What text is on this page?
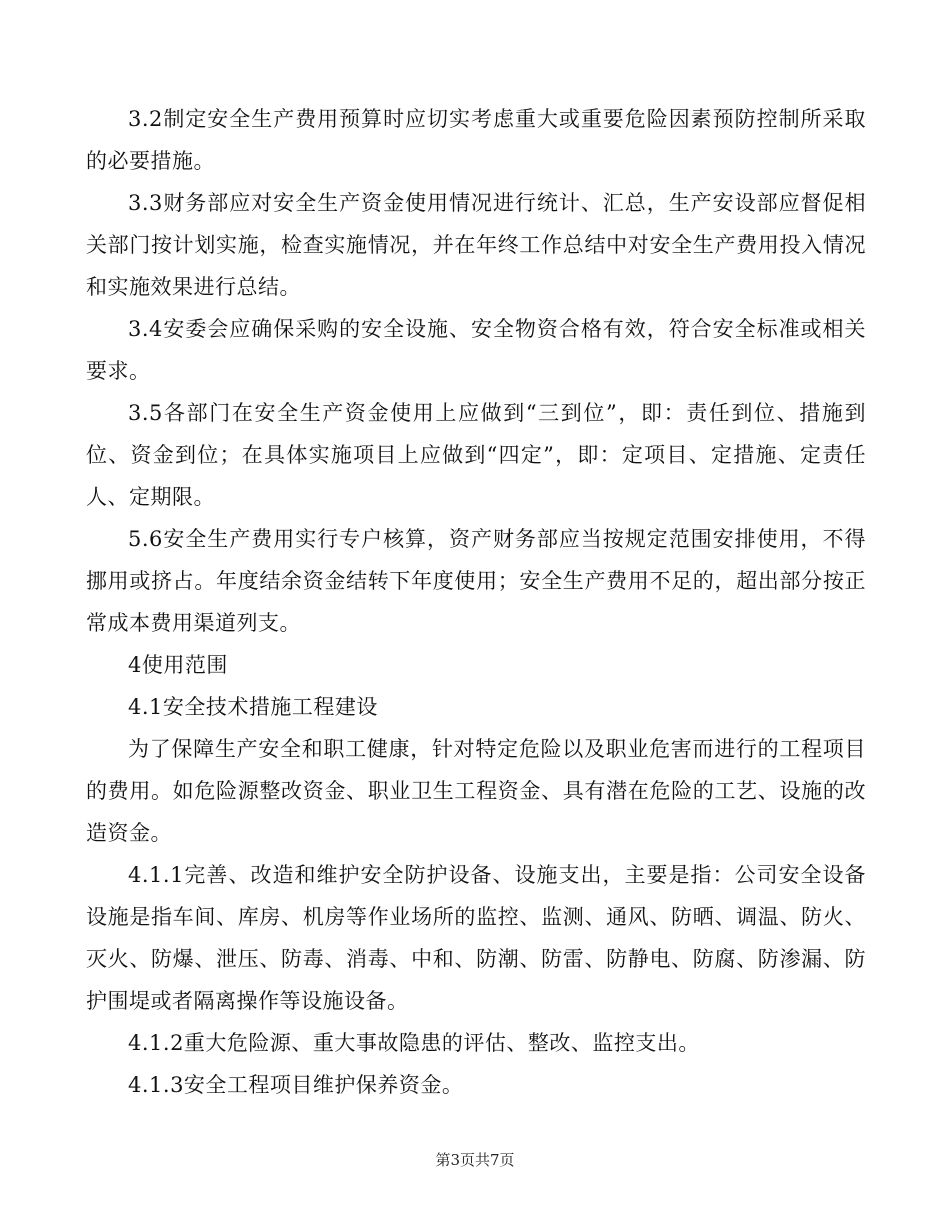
3.2制定安全生产费用预算时应切实考虑重大或重要危险因素预防控制所采取的必要措施。

3.3财务部应对安全生产资金使用情况进行统计、汇总，生产安设部应督促相关部门按计划实施，检查实施情况，并在年终工作总结中对安全生产费用投入情况和实施效果进行总结。

3.4安委会应确保采购的安全设施、安全物资合格有效，符合安全标准或相关要求。

3.5各部门在安全生产资金使用上应做到“三到位”，即：责任到位、措施到位、资金到位；在具体实施项目上应做到“四定”，即：定项目、定措施、定责任人、定期限。

5.6安全生产费用实行专户核算，资产财务部应当按规定范围安排使用，不得挪用或挤占。年度结余资金结转下年度使用；安全生产费用不足的，超出部分按正常成本费用渠道列支。

4使用范围

4.1安全技术措施工程建设

为了保障生产安全和职工健康，针对特定危险以及职业危害而进行的工程项目的费用。如危险源整改资金、职业卫生工程资金、具有潜在危险的工艺、设施的改造资金。

4.1.1完善、改造和维护安全防护设备、设施支出，主要是指：公司安全设备设施是指车间、库房、机房等作业场所的监控、监测、通风、防晒、调温、防火、灭火、防爆、泄压、防毒、消毒、中和、防潮、防雷、防静电、防腐、防渗漏、防护围堤或者隔离操作等设施设备。

4.1.2重大危险源、重大事故隐患的评估、整改、监控支出。

4.1.3安全工程项目维护保养资金。

第3页共7页
